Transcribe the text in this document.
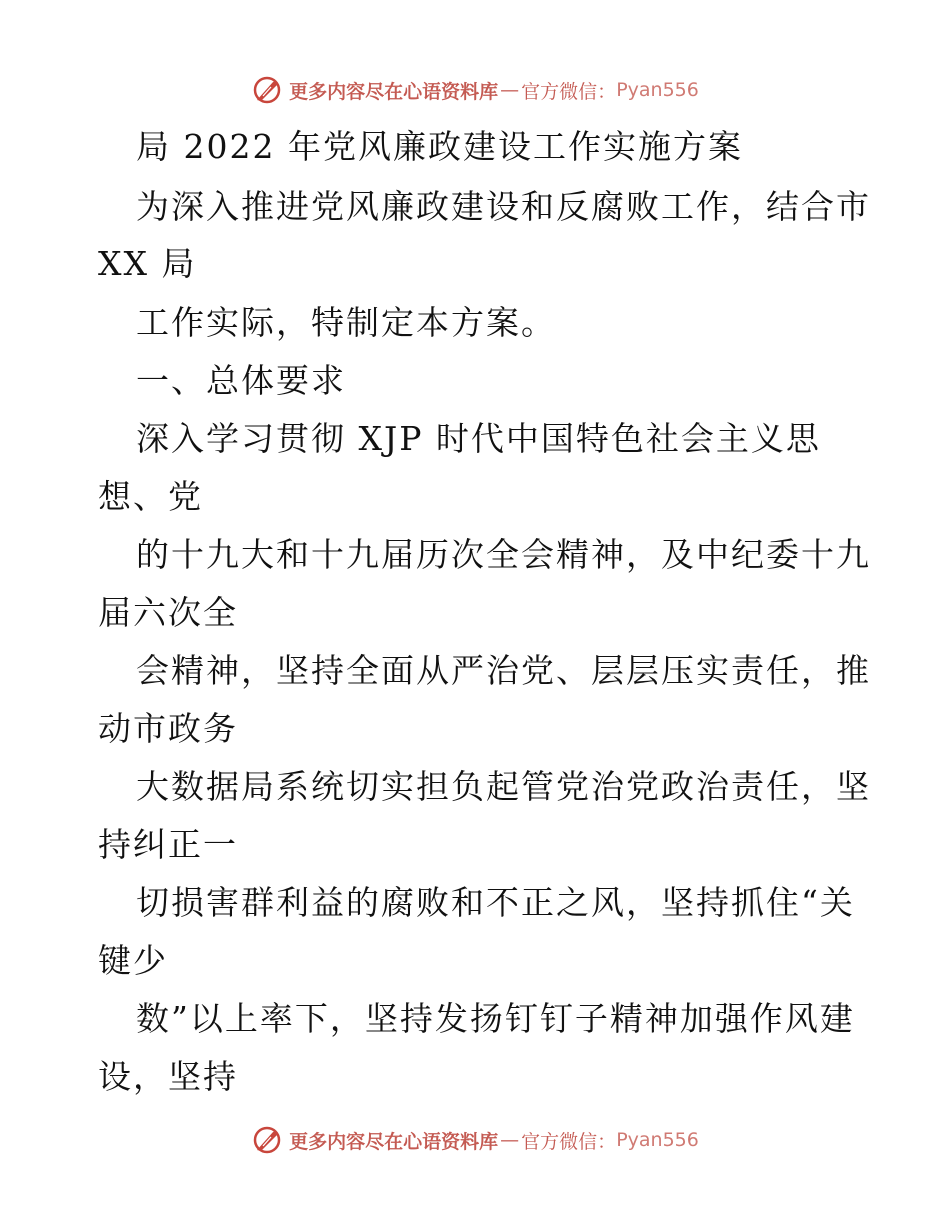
更多内容尽在心语资料库 — 官方微信： Pyan556
局 2022 年党风廉政建设工作实施方案
为深入推进党风廉政建设和反腐败工作，结合市
XX 局
工作实际，特制定本方案。
一、总体要求
深入学习贯彻 XJP 时代中国特色社会主义思
想、党
的十九大和十九届历次全会精神，及中纪委十九
届六次全
会精神，坚持全面从严治党、层层压实责任，推
动市政务
大数据局系统切实担负起管党治党政治责任，坚
持纠正一
切损害群利益的腐败和不正之风，坚持抓住“关
键少
数”以上率下，坚持发扬钉钉子精神加强作风建
设，坚持
更多内容尽在心语资料库 — 官方微信： Pyan556
